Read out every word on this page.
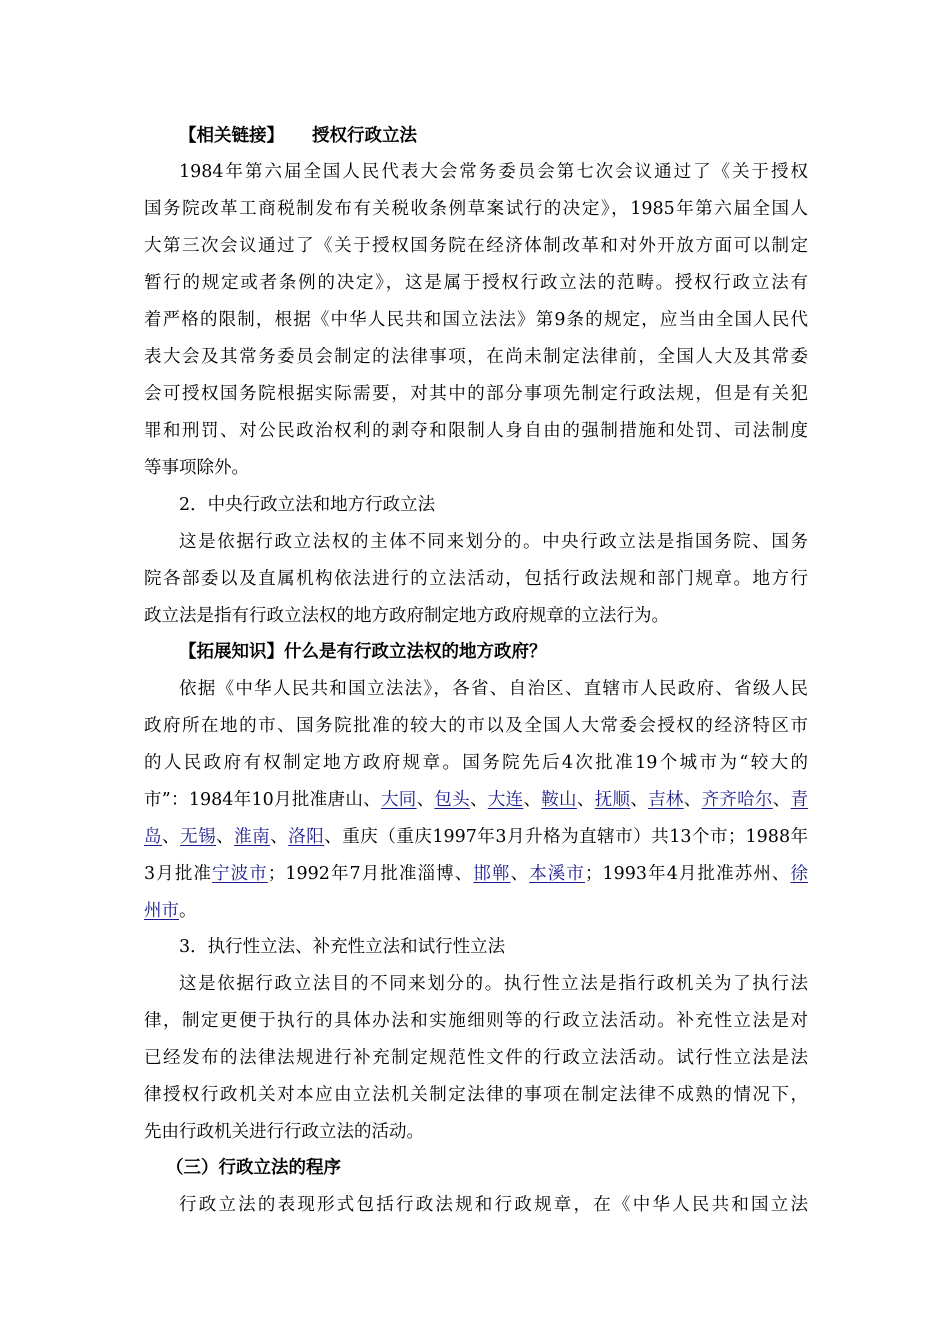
【相关链接】 授权行政立法
1984年第六届全国人民代表大会常务委员会第七次会议通过了《关于授权
国务院改革工商税制发布有关税收条例草案试行的决定》，1985年第六届全国人
大第三次会议通过了《关于授权国务院在经济体制改革和对外开放方面可以制定
暂行的规定或者条例的决定》，这是属于授权行政立法的范畴。授权行政立法有
着严格的限制，根据《中华人民共和国立法法》第9条的规定，应当由全国人民代
表大会及其常务委员会制定的法律事项，在尚未制定法律前，全国人大及其常委
会可授权国务院根据实际需要，对其中的部分事项先制定行政法规，但是有关犯
罪和刑罚、对公民政治权利的剥夺和限制人身自由的强制措施和处罚、司法制度
等事项除外。
2．中央行政立法和地方行政立法
这是依据行政立法权的主体不同来划分的。中央行政立法是指国务院、国务
院各部委以及直属机构依法进行的立法活动，包括行政法规和部门规章。地方行
政立法是指有行政立法权的地方政府制定地方政府规章的立法行为。
【拓展知识】什么是有行政立法权的地方政府？
依据《中华人民共和国立法法》，各省、自治区、直辖市人民政府、省级人民
政府所在地的市、国务院批准的较大的市以及全国人大常委会授权的经济特区市
的人民政府有权制定地方政府规章。国务院先后4次批准19个城市为“较大的
市”：1984年10月批准唐山、大同、包头、大连、鞍山、抚顺、吉林、齐齐哈尔、青
岛、无锡、淮南、洛阳、重庆（重庆1997年3月升格为直辖市）共13个市；1988年
3月批准宁波市；1992年7月批准淄博、邯郸、本溪市；1993年4月批准苏州、徐
州市。
3．执行性立法、补充性立法和试行性立法
这是依据行政立法目的不同来划分的。执行性立法是指行政机关为了执行法
律，制定更便于执行的具体办法和实施细则等的行政立法活动。补充性立法是对
已经发布的法律法规进行补充制定规范性文件的行政立法活动。试行性立法是法
律授权行政机关对本应由立法机关制定法律的事项在制定法律不成熟的情况下，
先由行政机关进行行政立法的活动。
（三）行政立法的程序
行政立法的表现形式包括行政法规和行政规章，在《中华人民共和国立法
